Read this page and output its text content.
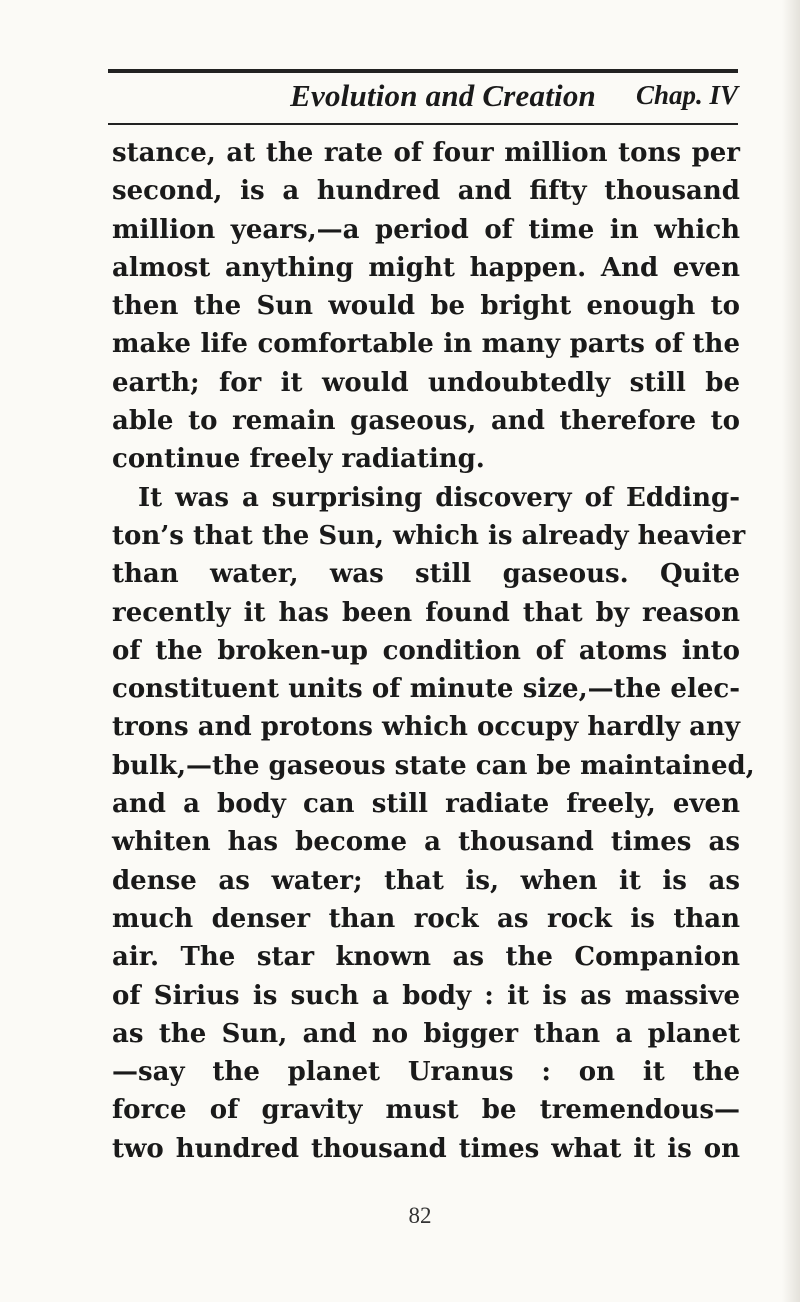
Evolution and Creation Chap. IV
stance, at the rate of four million tons per
second, is a hundred and fifty thousand
million years,—a period of time in which
almost anything might happen. And even
then the Sun would be bright enough to
make life comfortable in many parts of the
earth; for it would undoubtedly still be
able to remain gaseous, and therefore to
continue freely radiating.
It was a surprising discovery of Edding-
ton’s that the Sun, which is already heavier
than water, was still gaseous. Quite
recently it has been found that by reason
of the broken-up condition of atoms into
constituent units of minute size,—the elec-
trons and protons which occupy hardly any
bulk,—the gaseous state can be maintained,
and a body can still radiate freely, even
whiten has become a thousand times as
dense as water; that is, when it is as
much denser than rock as rock is than
air. The star known as the Companion
of Sirius is such a body : it is as massive
as the Sun, and no bigger than a planet
—say the planet Uranus : on it the
force of gravity must be tremendous—
two hundred thousand times what it is on
82
